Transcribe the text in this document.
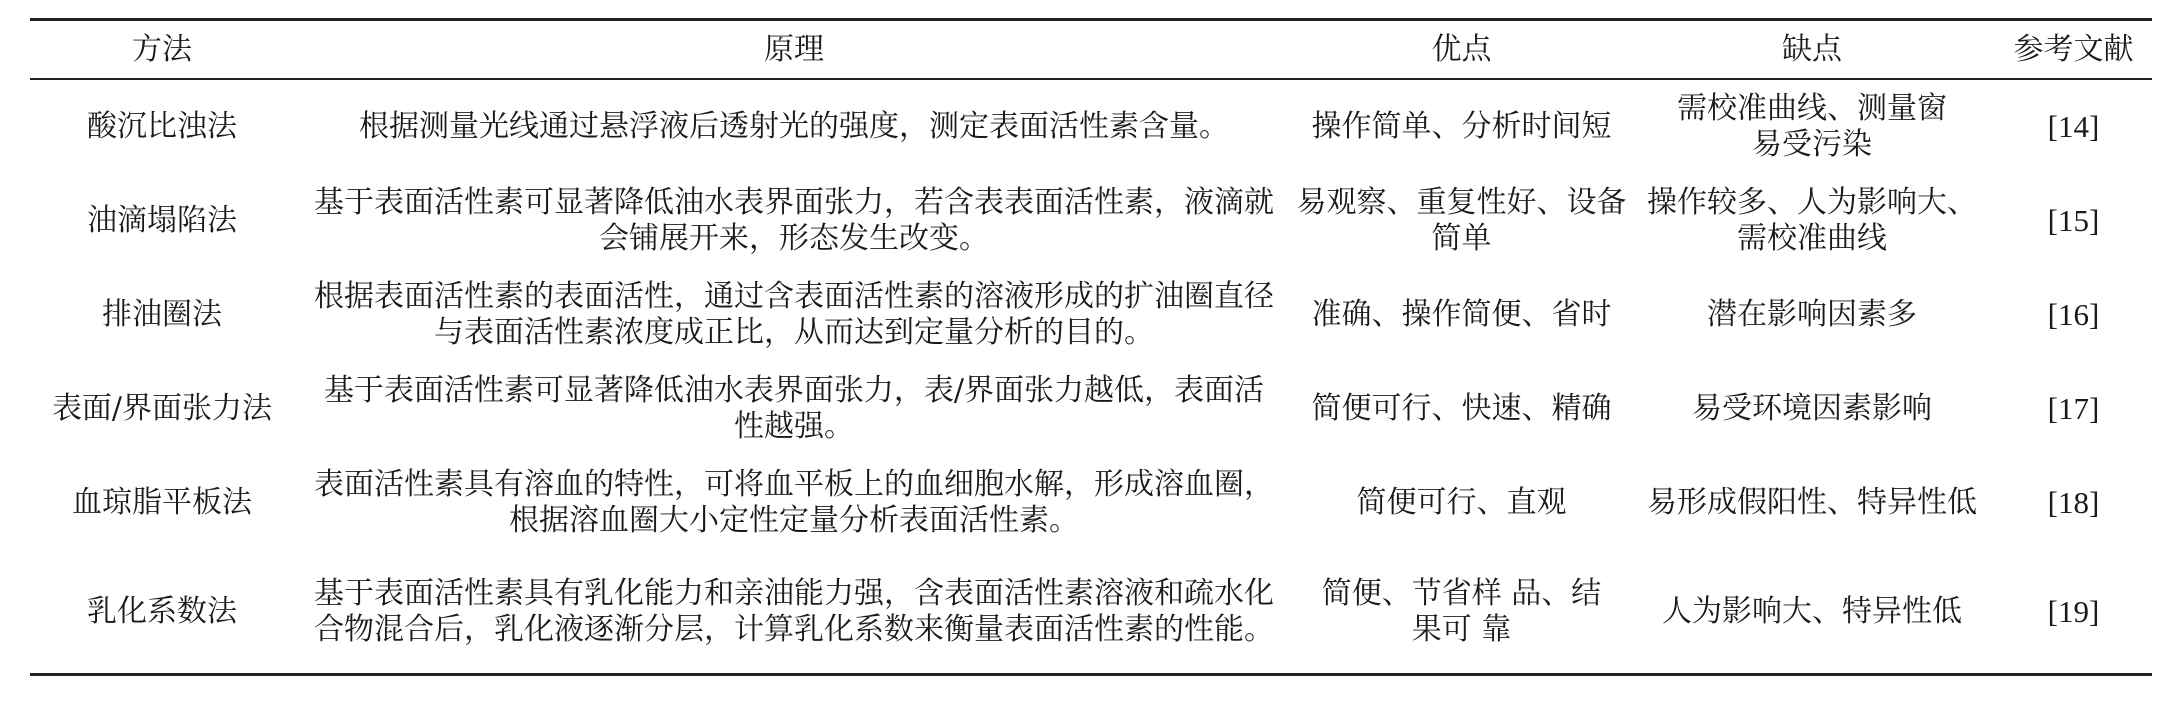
方法	原理	优点	缺点	参考文献
酸沉比浊法	根据测量光线通过悬浮液后透射光的强度，测定表面活性素含量。	操作简单、分析时间短	需校准曲线、测量窗易受污染	[14]
油滴塌陷法	基于表面活性素可显著降低油水表界面张力，若含表表面活性素，液滴就会铺展开来，形态发生改变。	易观察、重复性好、设备简单	操作较多、人为影响大、需校准曲线	[15]
排油圈法	根据表面活性素的表面活性，通过含表面活性素的溶液形成的扩油圈直径与表面活性素浓度成正比，从而达到定量分析的目的。	准确、操作简便、省时	潜在影响因素多	[16]
表面/界面张力法	基于表面活性素可显著降低油水表界面张力，表/界面张力越低，表面活性越强。	简便可行、快速、精确	易受环境因素影响	[17]
血琼脂平板法	表面活性素具有溶血的特性，可将血平板上的血细胞水解，形成溶血圈，根据溶血圈大小定性定量分析表面活性素。	简便可行、直观	易形成假阳性、特异性低	[18]
乳化系数法	基于表面活性素具有乳化能力和亲油能力强，含表面活性素溶液和疏水化合物混合后，乳化液逐渐分层，计算乳化系数来衡量表面活性素的性能。	简便、节省样 品、结果可 靠	人为影响大、特异性低	[19]
